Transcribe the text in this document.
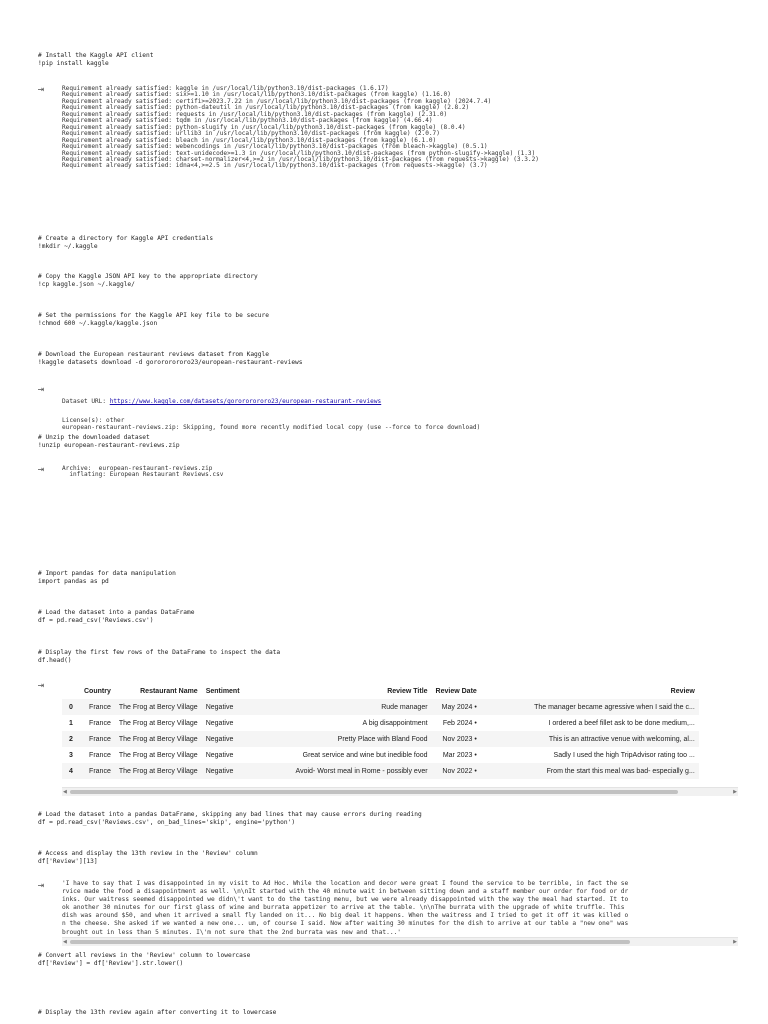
# Install the Kaggle API client
!pip install kaggle
⇥	Requirement already satisfied: kaggle in /usr/local/lib/python3.10/dist-packages (1.6.17)
Requirement already satisfied: six>=1.10 in /usr/local/lib/python3.10/dist-packages (from kaggle) (1.16.0)
Requirement already satisfied: certifi>=2023.7.22 in /usr/local/lib/python3.10/dist-packages (from kaggle) (2024.7.4)
Requirement already satisfied: python-dateutil in /usr/local/lib/python3.10/dist-packages (from kaggle) (2.8.2)
Requirement already satisfied: requests in /usr/local/lib/python3.10/dist-packages (from kaggle) (2.31.0)
Requirement already satisfied: tqdm in /usr/local/lib/python3.10/dist-packages (from kaggle) (4.66.4)
Requirement already satisfied: python-slugify in /usr/local/lib/python3.10/dist-packages (from kaggle) (8.0.4)
Requirement already satisfied: urllib3 in /usr/local/lib/python3.10/dist-packages (from kaggle) (2.0.7)
Requirement already satisfied: bleach in /usr/local/lib/python3.10/dist-packages (from kaggle) (6.1.0)
Requirement already satisfied: webencodings in /usr/local/lib/python3.10/dist-packages (from bleach->kaggle) (0.5.1)
Requirement already satisfied: text-unidecode>=1.3 in /usr/local/lib/python3.10/dist-packages (from python-slugify->kaggle) (1.3)
Requirement already satisfied: charset-normalizer<4,>=2 in /usr/local/lib/python3.10/dist-packages (from requests->kaggle) (3.3.2)
Requirement already satisfied: idna<4,>=2.5 in /usr/local/lib/python3.10/dist-packages (from requests->kaggle) (3.7)
# Create a directory for Kaggle API credentials
!mkdir ~/.kaggle
# Copy the Kaggle JSON API key to the appropriate directory
!cp kaggle.json ~/.kaggle/
# Set the permissions for the Kaggle API key file to be secure
!chmod 600 ~/.kaggle/kaggle.json
# Download the European restaurant reviews dataset from Kaggle
!kaggle datasets download -d gorororororo23/european-restaurant-reviews
⇥

Dataset URL: https://www.kaggle.com/datasets/gorororororo23/european-restaurant-reviews

License(s): other
european-restaurant-reviews.zip: Skipping, found more recently modified local copy (use --force to force download)

# Unzip the downloaded dataset
!unzip european-restaurant-reviews.zip
⇥	Archive:  european-restaurant-reviews.zip
inflating: European Restaurant Reviews.csv
# Import pandas for data manipulation
import pandas as pd
# Load the dataset into a pandas DataFrame
df = pd.read_csv('Reviews.csv')
# Display the first few rows of the DataFrame to inspect the data
df.head()
⇥
	Country	Restaurant Name	Sentiment	Review Title	Review Date	Review
0	France	The Frog at Bercy Village	Negative	Rude manager	May 2024 •	The manager became agressive when I said the c...
1	France	The Frog at Bercy Village	Negative	A big disappointment	Feb 2024 •	I ordered a beef fillet ask to be done medium,...
2	France	The Frog at Bercy Village	Negative	Pretty Place with Bland Food	Nov 2023 •	This is an attractive venue with welcoming, al...
3	France	The Frog at Bercy Village	Negative	Great service and wine but inedible food	Mar 2023 •	Sadly I used the high TripAdvisor rating too ...
4	France	The Frog at Bercy Village	Negative	Avoid- Worst meal in Rome - possibly ever	Nov 2022 •	From the start this meal was bad- especially g...
◀	▶
# Load the dataset into a pandas DataFrame, skipping any bad lines that may cause errors during reading
df = pd.read_csv('Reviews.csv', on_bad_lines='skip', engine='python')
# Access and display the 13th review in the 'Review' column
df['Review'][13]
⇥	'I have to say that I was disappointed in my visit to Ad Hoc. While the location and decor were great I found the service to be terrible, in fact the se
rvice made the food a disappointment as well. \n\nIt started with the 40 minute wait in between sitting down and a staff member our order for food or dr
inks. Our waitress seemed disappointed we didn\'t want to do the tasting menu, but we were already disappointed with the way the meal had started. It to
ok another 30 minutes for our first glass of wine and burrata appetizer to arrive at the table. \n\nThe burrata with the upgrade of white truffle. This
dish was around $50, and when it arrived a small fly landed on it... No big deal it happens. When the waitress and I tried to get it off it was killed o
n the cheese. She asked if we wanted a new one... um, of course I said. Now after waiting 30 minutes for the dish to arrive at our table a "new one" was
brought out in less than 5 minutes. I\'m not sure that the 2nd burrata was new and that...'
◀	▶
# Convert all reviews in the 'Review' column to lowercase
df['Review'] = df['Review'].str.lower()
# Display the 13th review again after converting it to lowercase
